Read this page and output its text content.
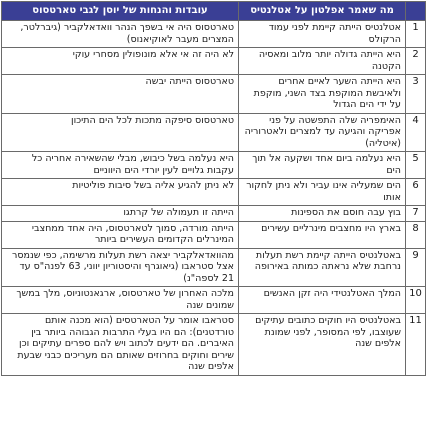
	מה שאמר אפלטון על אטלנטיס	עובדות והנחות של יוסן לגבי טארטסוס
1	אטלנטיס הייתה קיימת לפני עמוד הרקולס	טארטסוס היה אי בשפך הנהר וואדאלקביר (גיברלטר, המצרים מעבר לאוקיאנוס)
2	היא הייתה גדולה יותר מלוב ומאסיה הקטנה	לא היה זה אי אלא מונופולין מסחרי עוקי
3	היא הייתה השער לאיים אחרים ולאיבשת המוקפת בצד השני, מוקפת על ידי הים הגדול	טארטסוס הייתה יבשה
4	האימפריה שלה התפשטה על פני אפריקה והגיעה עד למצרים ולאטרוריה (איטליה)	טארטסוס סיפקה מתכות לכל הים התיכון
5	היא נעלמה ביום אחד ושקעה אל תוך הים	היא נעלמה בשל כיבוש, מבלי שהשאירה אחריה כל עקבות גלויים לעין יורדי הים היווניים
6	הים שמעליה אינו עביר ולא ניתן לחקור אותו	לא ניתן להגיע אליה בשל סיבות פוליטיות
7	בוץ עבה חוסם את הספינות	הייתה זו תעמולה של קרתגו
8	בארץ היו מחצבים מינרליים עשירים	הייתה מורדה, סמוך לטארטסוס, היה אחד ממחצבי המינרלים הקדומים העשירים ביותר
9	באטלנטיס הייתה קיימת רשת תעלות נרחבת שלא נראתה כמותה באירופה	מהוואדאלקביר יצאה רשת תעלות מרשימה, כפי שנמסר אצל סטראבו (גיאוגרף והיסטוריון יווני, 63 לפנה"ס עד 21 לספה"נ)
10	המלך האטלנטידי היה זקן האנשים	מלכה האחרון של טארטסוס, ארגאנטוניוס, מלך במשך שמונים שנה
11	באטלנטיס היו חוקים כתובים עתיקים שעוצבו, לפי המסופר, לפני שמונת אלפים שנה	סטראבו אומר על הטארטסים (הוא מכנה אותם טורדטנים): הם היו בעלי התרבות הגבוהה ביותר בין האיברים. הם ידעים לכתוב ויש להם ספרים עתיקים וכן שירים וחוקים בחרוזים שאותם הם מעריכים כבני שבעת אלפים שנה
